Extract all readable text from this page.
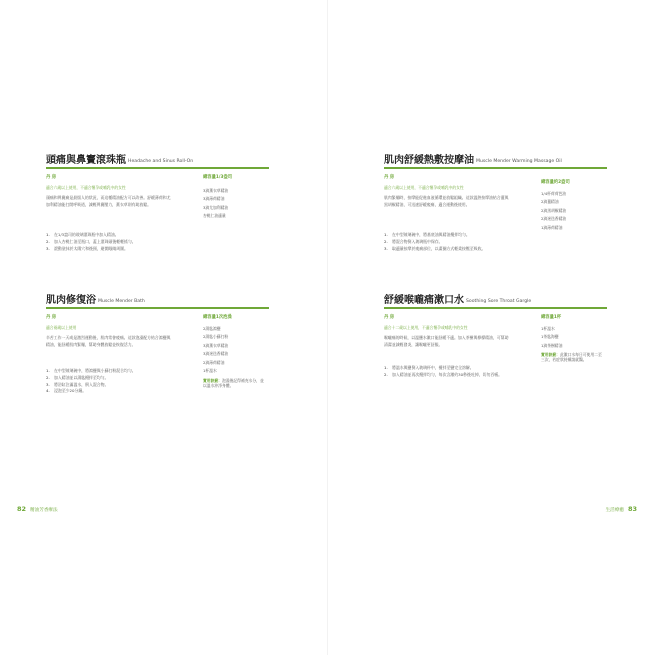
頭痛與鼻竇滾珠瓶 Headache and Sinus Roll-On
丹 房
適合六歲以上使用，不適合懷孕或哺乳中的女性
頭痛和鼻竇痛是最惱人的狀況，而這種精油配方可以改善。舒緩薄荷和尤加利精油能打開呼吸道，減輕鼻竇壓力，薰衣草則有助放鬆。
1. 在1/3盎司的玻璃滾珠瓶中加入精油。
2. 加入杏桃仁油至瓶口，蓋上滾珠頭後輕輕搖勻。
3. 滾動塗抹於太陽穴和後頸，避開眼睛周圍。
總容量1/3盎司
3滴薰衣草精油
3滴薄荷精油
3滴尤加利精油
杏桃仁油適量
肌肉修復浴 Muscle Mender Bath
丹 房
適合兩歲以上使用
辛苦工作一天或是激烈運動後，肌肉常會痠痛。這款泡澡配方結合瀉鹽與精油，能舒緩肌肉緊繃，幫助身體放鬆並恢復活力。
1. 在中型玻璃碗中，將瀉鹽與小蘇打粉混合均勻。
2. 加入精油並以湯匙攪拌至均勻。
3. 將浴缸注滿溫水，倒入混合物。
4. 浸泡至少20分鐘。
總容量1次泡澡
2湯匙瀉鹽
2湯匙小蘇打粉
3滴薰衣草精油
3滴迷迭香精油
2滴薄荷精油
1杯溫水
實用訣竅：泡澡後記得補充水分，並以溫水沖淨身體。
82 精油芳香療法
肌肉舒緩熱敷按摩油 Muscle Mender Warming Massage Oil
丹 房
適合六歲以上使用，不適合懷孕或哺乳中的女性
肌肉緊繃時，按摩能促進血液循環並放鬆組織。這款溫熱按摩油結合薑與黑胡椒精油，可迅速舒緩痠痛，適合運動後使用。
1. 在中型玻璃碗中，將基底油與精油攪拌均勻。
2. 將混合物倒入玻璃瓶中保存。
3. 取適量按摩於痠痛部位，以畫圈方式輕柔按壓至吸收。
總容量約2盎司
1/4杯荷荷芭油
2滴薑精油
2滴黑胡椒精油
2滴迷迭香精油
1滴薄荷精油
舒緩喉嚨痛漱口水 Soothing Sore Throat Gargle
丹 房
適合十二歲以上使用，不適合懷孕或哺乳中的女性
喉嚨痛的時候，以溫鹽水漱口能舒緩不適。加入茶樹與檸檬精油，可幫助清潔並減輕發炎，讓喉嚨更舒服。
1. 將溫水與鹽倒入玻璃杯中，攪拌至鹽完全溶解。
2. 加入精油並再次攪拌均勻，每次含漱約30秒後吐掉，切勿吞嚥。
總容量1杯
1杯溫水
1茶匙海鹽
1滴茶樹精油
實用訣竅：此漱口水每日可使用二至三次，若症狀持續請就醫。
生活療癒 83
